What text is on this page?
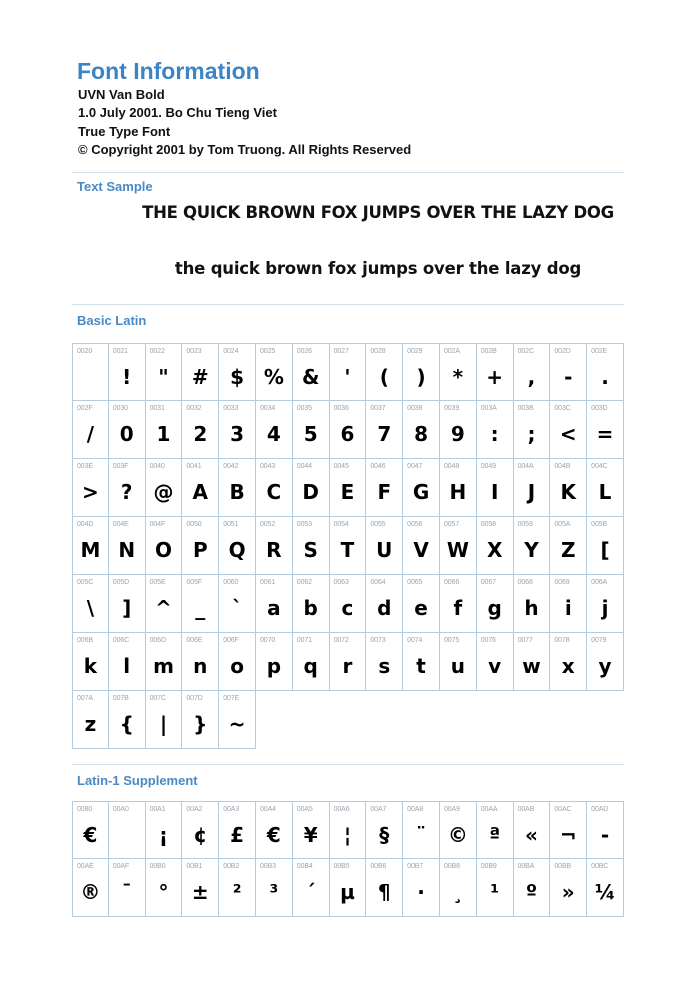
Font Information
UVN Van Bold
1.0 July 2001. Bo Chu Tieng Viet
True Type Font
© Copyright 2001 by Tom Truong. All Rights Reserved
Text Sample
THE QUICK BROWN FOX JUMPS OVER THE LAZY DOG
the quick brown fox jumps over the lazy dog
Basic Latin
0020	0021
!
0022
"
0023
#
0024
$
0025
%
0026
&
0027
'
0028
(
0029
)
002A
*
002B
+
002C
,
002D
-
002E
.
002F
/
0030
0
0031
1
0032
2
0033
3
0034
4
0035
5
0036
6
0037
7
0038
8
0039
9
003A
:
003B
;
003C
<
003D
=
003E
>
003F
?
0040
@
0041
A
0042
B
0043
C
0044
D
0045
E
0046
F
0047
G
0048
H
0049
I
004A
J
004B
K
004C
L
004D
M
004E
N
004F
O
0050
P
0051
Q
0052
R
0053
S
0054
T
0055
U
0056
V
0057
W
0058
X
0059
Y
005A
Z
005B
[
005C
\
005D
]
005E
^
005F
_
0060
`
0061
a
0062
b
0063
c
0064
d
0065
e
0066
f
0067
g
0068
h
0069
i
006A
j
006B
k
006C
l
006D
m
006E
n
006F
o
0070
p
0071
q
0072
r
0073
s
0074
t
0075
u
0076
v
0077
w
0078
x
0079
y
007A
z
007B
{
007C
|
007D
}
007E
~
Latin-1 Supplement
0080
€
00A0	00A1
¡
00A2
¢
00A3
£
00A4
€
00A5
¥
00A6
¦
00A7
§
00A8
¨
00A9
©
00AA
ª
00AB
«
00AC
¬
00AD
-
00AE
®
00AF
¯
00B0
°
00B1
±
00B2
²
00B3
³
00B4
´
00B5
µ
00B6
¶
00B7
·
00B8
¸
00B9
¹
00BA
º
00BB
»
00BC
¼
